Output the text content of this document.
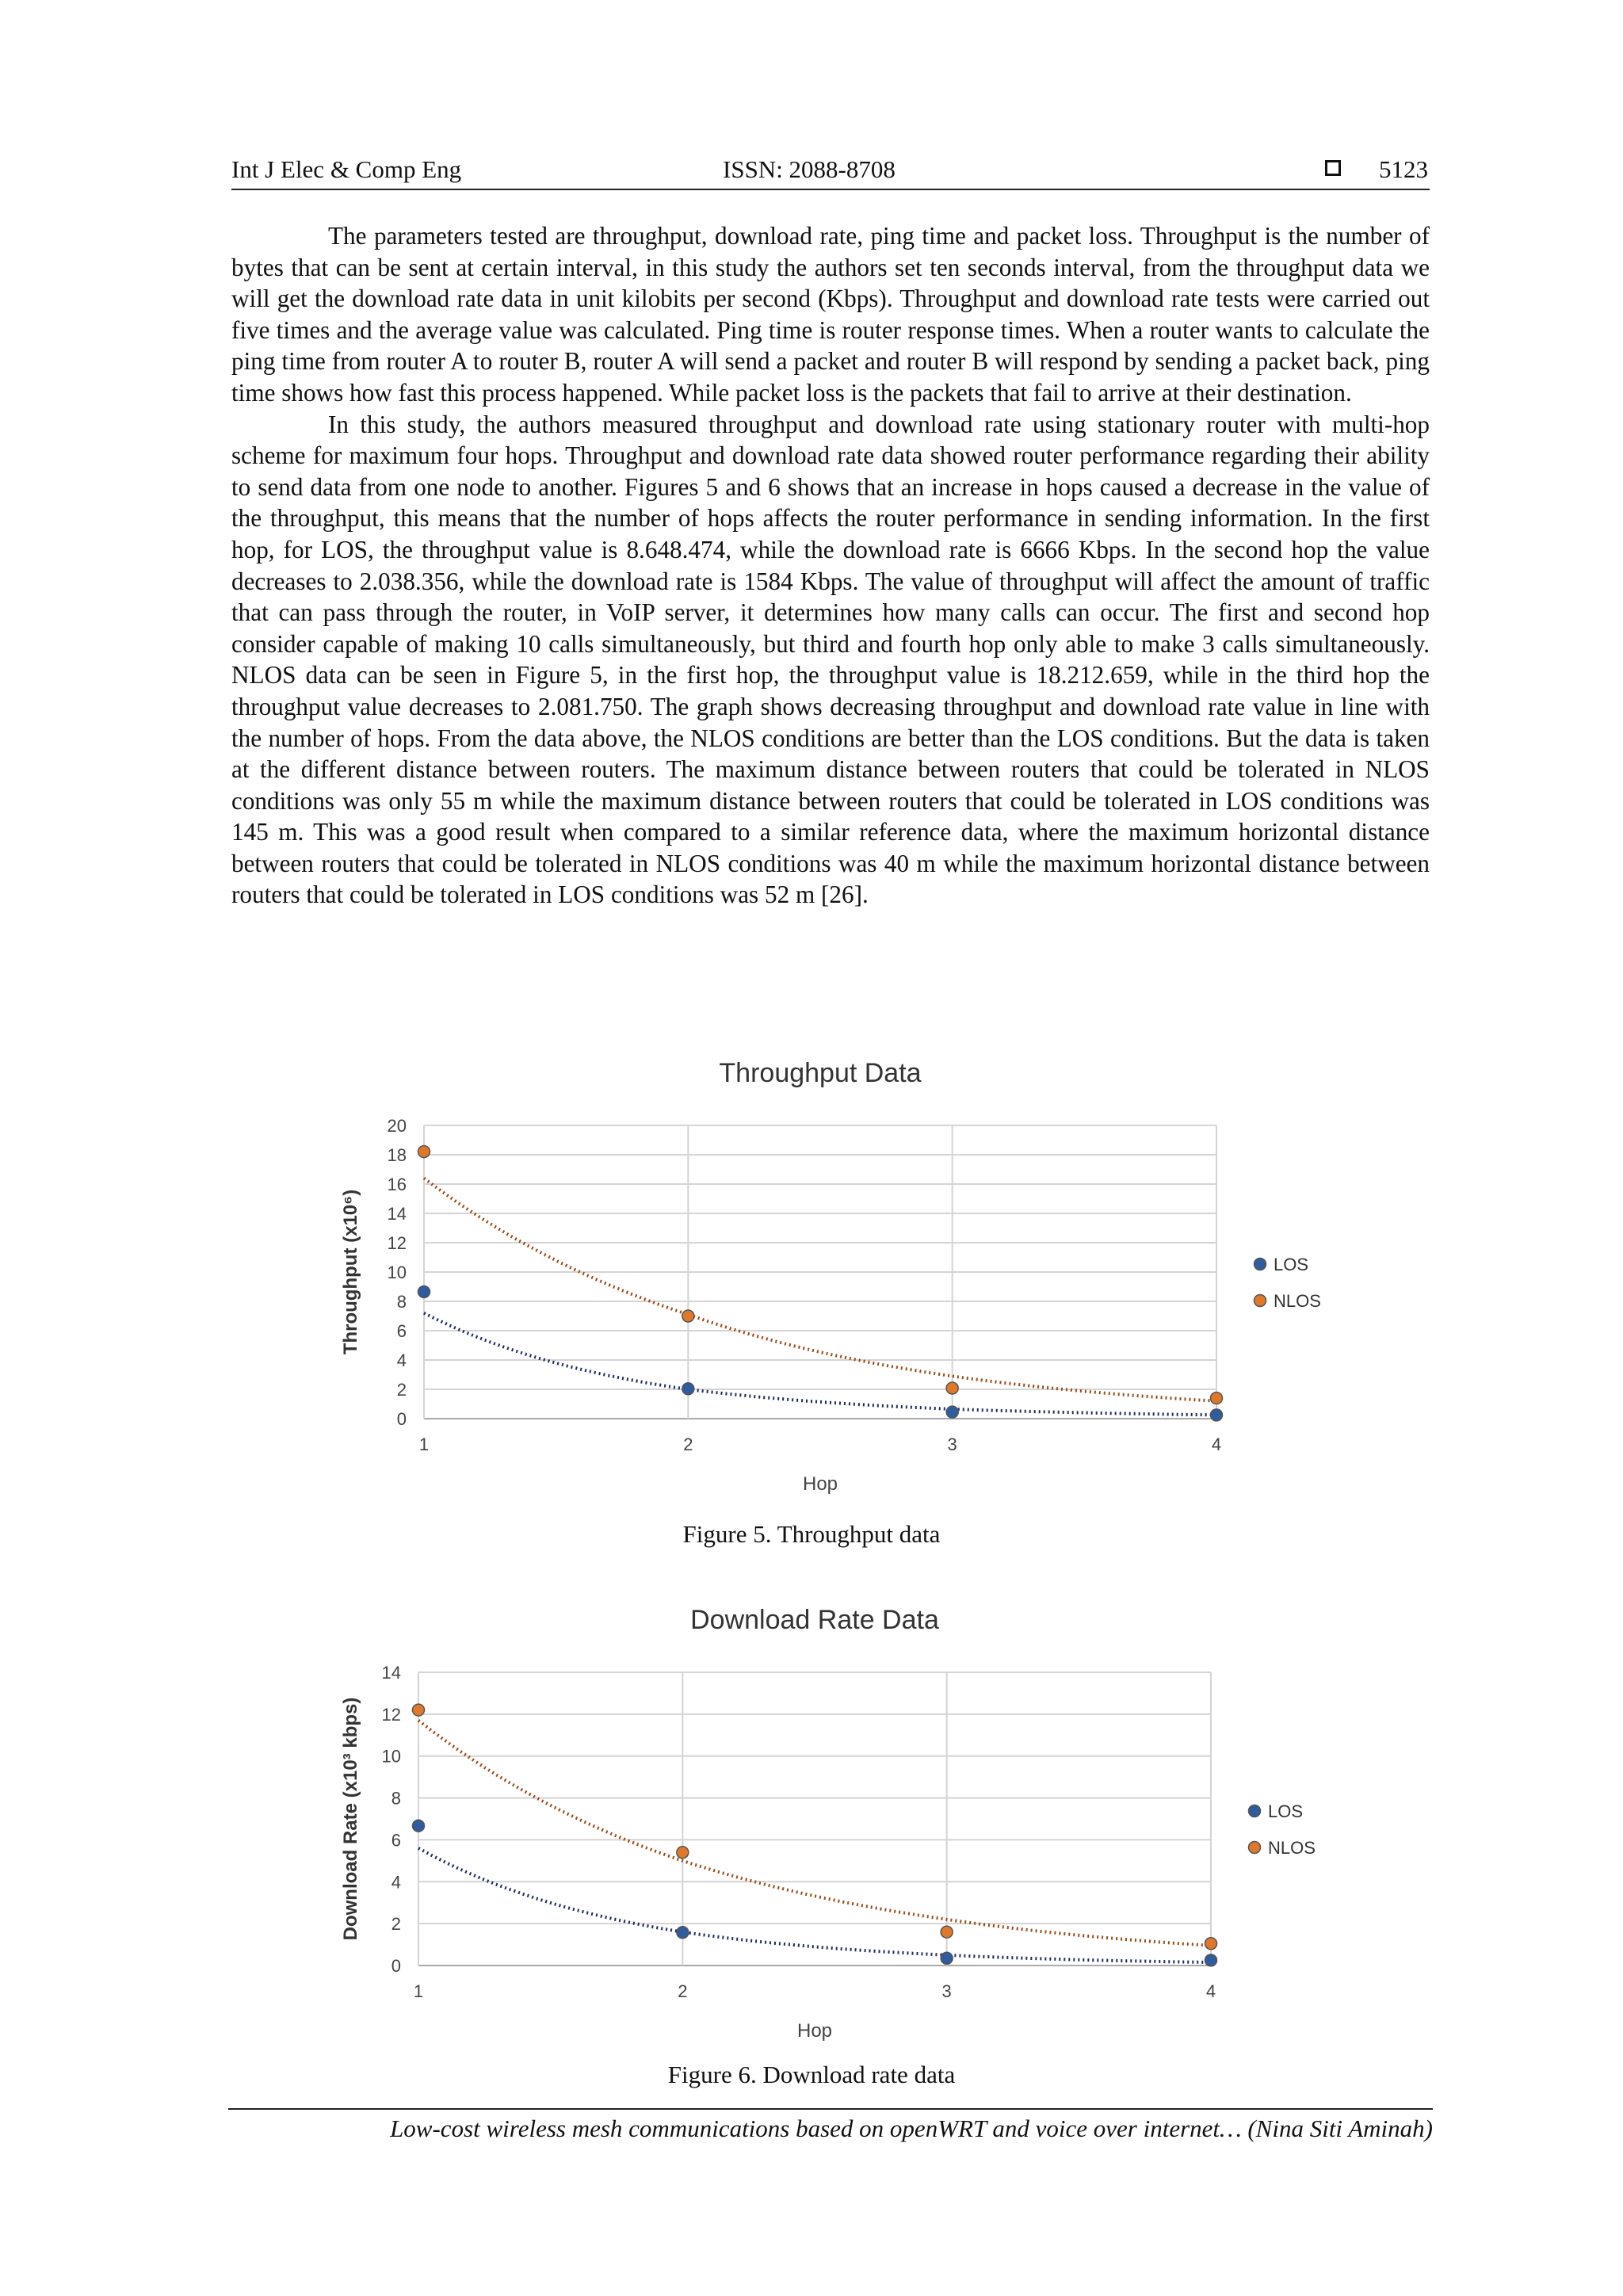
Int J Elec & Comp Eng	ISSN: 2088-8708	5123

The parameters tested are throughput, download rate, ping time and packet loss. Throughput is the number of bytes that can be sent at certain interval, in this study the authors set ten seconds interval, from the throughput data we will get the download rate data in unit kilobits per second (Kbps). Throughput and download rate tests were carried out five times and the average value was calculated. Ping time is router response times. When a router wants to calculate the ping time from router A to router B, router A will send a packet and router B will respond by sending a packet back, ping time shows how fast this process happened. While packet loss is the packets that fail to arrive at their destination.

In this study, the authors measured throughput and download rate using stationary router with multi-hop scheme for maximum four hops. Throughput and download rate data showed router performance regarding their ability to send data from one node to another. Figures 5 and 6 shows that an increase in hops caused a decrease in the value of the throughput, this means that the number of hops affects the router performance in sending information. In the first hop, for LOS, the throughput value is 8.648.474, while the download rate is 6666 Kbps. In the second hop the value decreases to 2.038.356, while the download rate is 1584 Kbps. The value of throughput will affect the amount of traffic that can pass through the router, in VoIP server, it determines how many calls can occur. The first and second hop consider capable of making 10 calls simultaneously, but third and fourth hop only able to make 3 calls simultaneously. NLOS data can be seen in Figure 5, in the first hop, the throughput value is 18.212.659, while in the third hop the throughput value decreases to 2.081.750. The graph shows decreasing throughput and download rate value in line with the number of hops. From the data above, the NLOS conditions are better than the LOS conditions. But the data is taken at the different distance between routers. The maximum distance between routers that could be tolerated in NLOS conditions was only 55 m while the maximum distance between routers that could be tolerated in LOS conditions was 145 m. This was a good result when compared to a similar reference data, where the maximum horizontal distance between routers that could be tolerated in NLOS conditions was 40 m while the maximum horizontal distance between routers that could be tolerated in LOS conditions was 52 m [26].

Throughput Data
0
2
4
6
8
10
12
14
16
18
20
1	2	3	4
Hop
Throughput (x10⁶)	LOS
NLOS
Figure 5. Throughput data
Download Rate Data
0
2
4
6
8
10
12
14
1	2	3	4
Hop
Download Rate (x10³ kbps)	LOS
NLOS
Figure 6. Download rate data
Low-cost wireless mesh communications based on openWRT and voice over internet… (Nina Siti Aminah)
